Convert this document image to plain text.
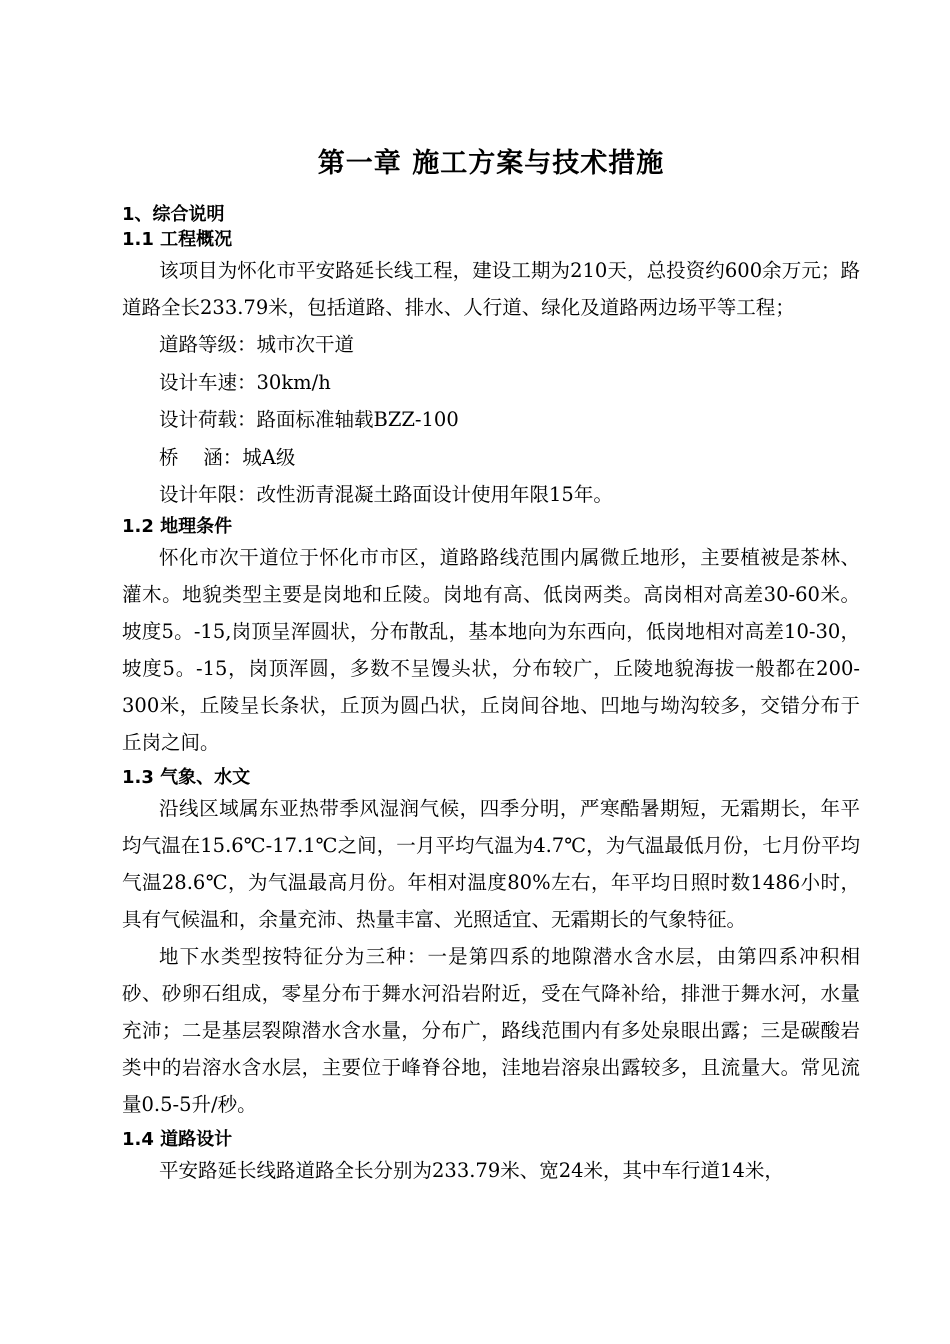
第一章 施工方案与技术措施

1、综合说明

1.1 工程概况

该项目为怀化市平安路延长线工程，建设工期为210天，总投资约600余万元；路道路全长233.79米，包括道路、排水、人行道、绿化及道路两边场平等工程；

道路等级：城市次干道

设计车速：30km/h

设计荷载：路面标准轴载BZZ-100

桥    涵：城A级

设计年限：改性沥青混凝土路面设计使用年限15年。

1.2 地理条件

怀化市次干道位于怀化市市区，道路路线范围内属微丘地形，主要植被是茶林、灌木。地貌类型主要是岗地和丘陵。岗地有高、低岗两类。高岗相对高差30-60米。坡度5。-15,岗顶呈浑圆状，分布散乱，基本地向为东西向，低岗地相对高差10-30，坡度5。-15，岗顶浑圆，多数不呈馒头状，分布较广，丘陵地貌海拔一般都在200-300米，丘陵呈长条状，丘顶为圆凸状，丘岗间谷地、凹地与坳沟较多，交错分布于丘岗之间。

1.3 气象、水文

沿线区域属东亚热带季风湿润气候，四季分明，严寒酷暑期短，无霜期长，年平均气温在15.6℃-17.1℃之间，一月平均气温为4.7℃，为气温最低月份，七月份平均气温28.6℃，为气温最高月份。年相对温度80%左右，年平均日照时数1486小时，具有气候温和，余量充沛、热量丰富、光照适宜、无霜期长的气象特征。

地下水类型按特征分为三种：一是第四系的地隙潜水含水层，由第四系冲积相砂、砂卵石组成，零星分布于舞水河沿岩附近，受在气降补给，排泄于舞水河，水量充沛；二是基层裂隙潜水含水量，分布广，路线范围内有多处泉眼出露；三是碳酸岩类中的岩溶水含水层，主要位于峰脊谷地，洼地岩溶泉出露较多，且流量大。常见流量0.5-5升/秒。

1.4 道路设计

平安路延长线路道路全长分别为233.79米、宽24米，其中车行道14米，
